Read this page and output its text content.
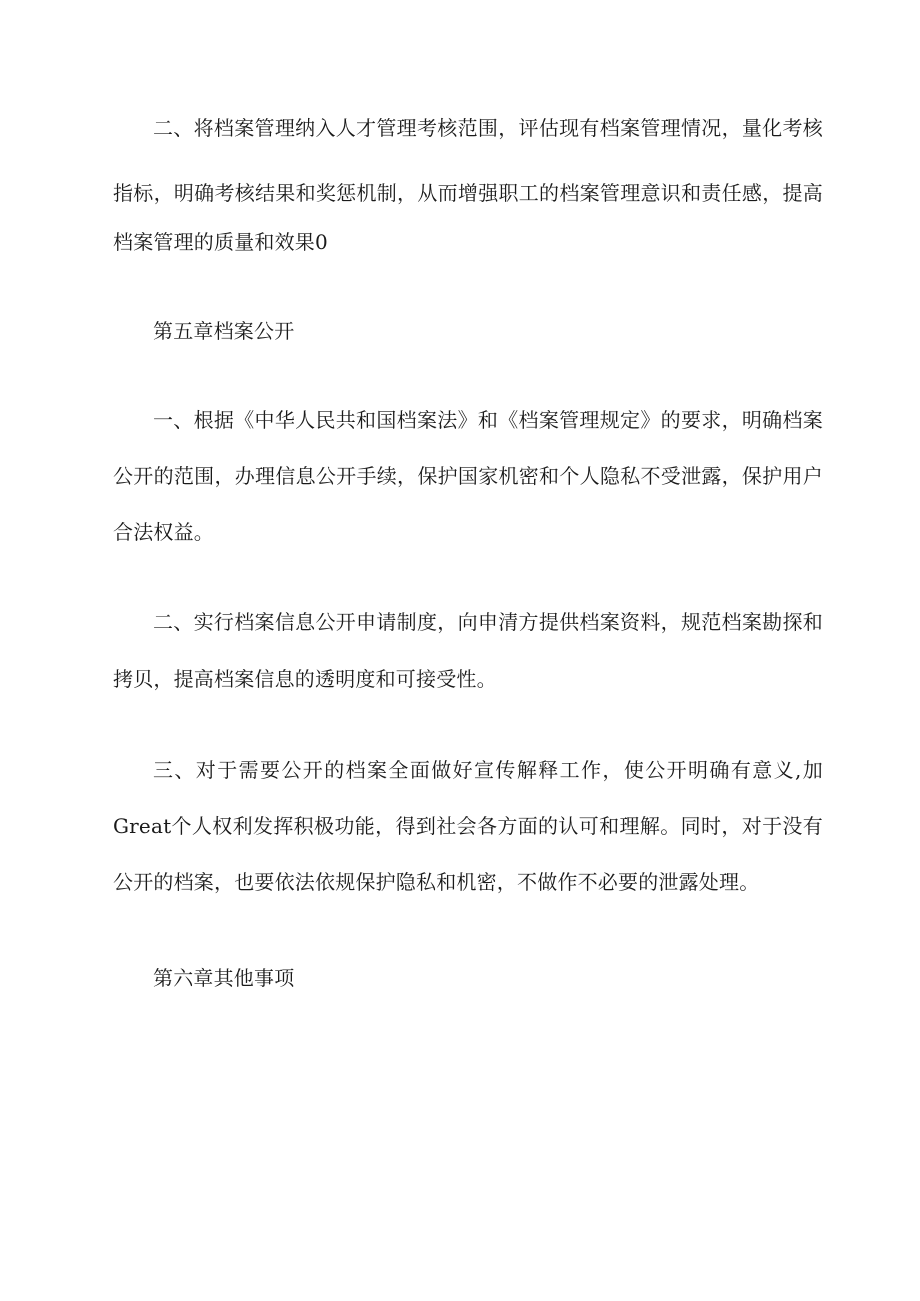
二、将档案管理纳入人才管理考核范围，评估现有档案管理情况，量化考核
指标，明确考核结果和奖惩机制，从而增强职工的档案管理意识和责任感，提高
档案管理的质量和效果0
第五章档案公开
一、根据《中华人民共和国档案法》和《档案管理规定》的要求，明确档案
公开的范围，办理信息公开手续，保护国家机密和个人隐私不受泄露，保护用户
合法权益。
二、实行档案信息公开申请制度，向申清方提供档案资料，规范档案勘探和
拷贝，提高档案信息的透明度和可接受性。
三、对于需要公开的档案全面做好宣传解释工作，使公开明确有意义,加
Great个人权利发挥积极功能，得到社会各方面的认可和理解。同时，对于没有
公开的档案，也要依法依规保护隐私和机密，不做作不必要的泄露处理。
第六章其他事项
